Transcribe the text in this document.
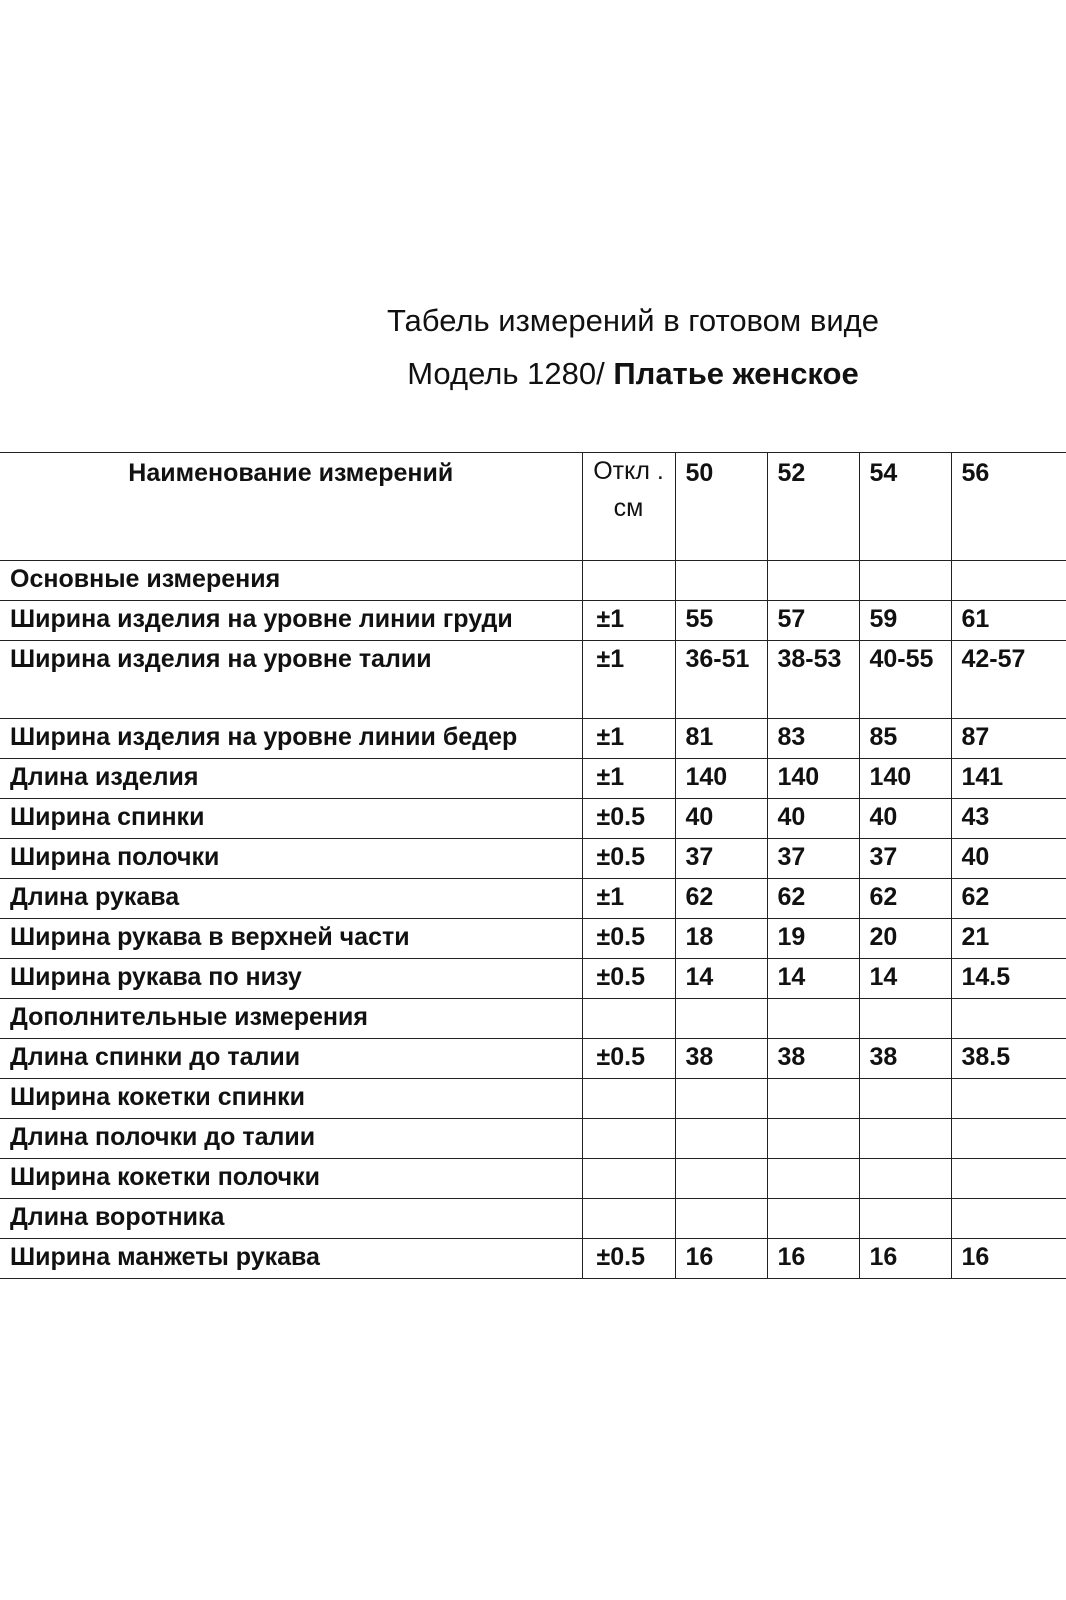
Табель измерений в готовом виде
Модель 1280/ Платье женское
Наименование измерений	Откл . см	50	52	54	56
Основные измерения					
Ширина изделия на уровне линии груди	±1	55	57	59	61
Ширина изделия на уровне талии	±1	36-51	38-53	40-55	42-57
Ширина изделия на уровне линии бедер	±1	81	83	85	87
Длина изделия	±1	140	140	140	141
Ширина спинки	±0.5	40	40	40	43
Ширина полочки	±0.5	37	37	37	40
Длина рукава	±1	62	62	62	62
Ширина рукава в верхней части	±0.5	18	19	20	21
Ширина рукава по низу	±0.5	14	14	14	14.5
Дополнительные измерения					
Длина спинки до талии	±0.5	38	38	38	38.5
Ширина кокетки спинки					
Длина полочки до талии					
Ширина кокетки полочки					
Длина воротника					
Ширина манжеты рукава	±0.5	16	16	16	16
